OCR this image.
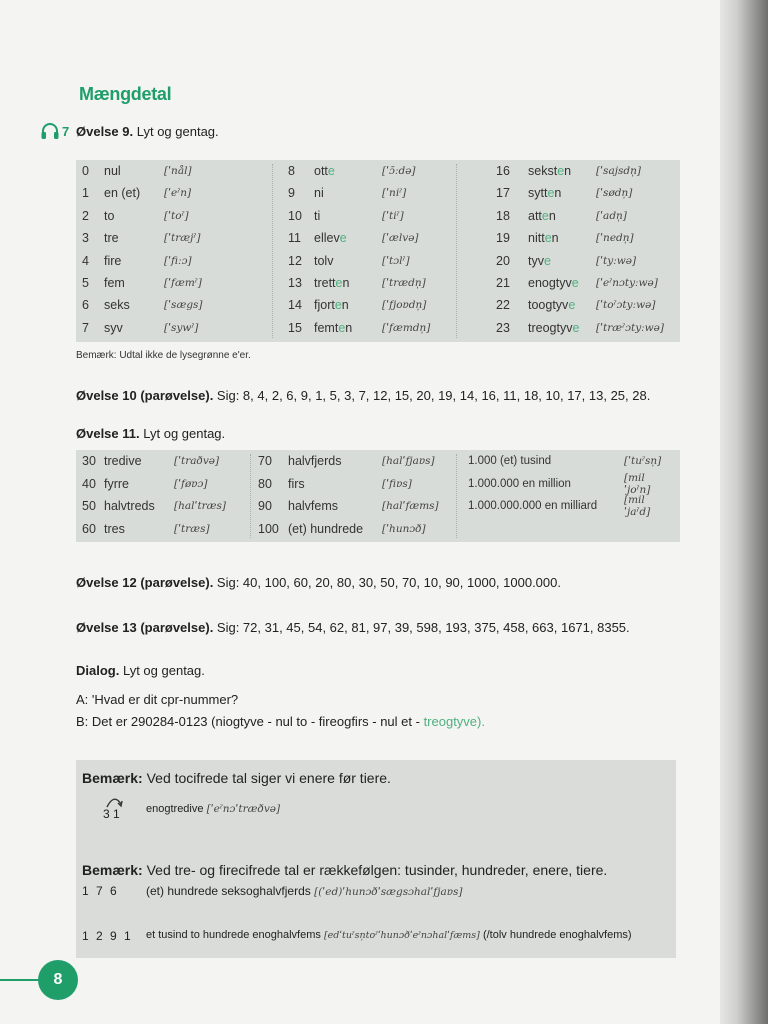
Mængdetal
7 Øvelse 9. Lyt og gentag.
0	nul	[ˈnål]
1	en (et) [ˈeˀn]
2	to	[ˈtoˀ]
3	tre	[ˈtræjˀ]
4	fire	[ˈfiːɔ]
5	fem	[ˈfæmˀ]
6	seks	[ˈsægs]
7	syv	[ˈsywˀ]
8	otte	[ˈɔ̄ːdə]
9	ni	[ˈniˀ]
10 ti	[ˈtiˀ]
11	elleve	[ˈælvə]
12 tolv	[ˈtɔlˀ]
13 tretten	[ˈtrædn̩]
14 fjorten	[ˈfjoɐdn̩]
15 femten	[ˈfæmdn̩]
16	seksten [ˈsajsdn̩]
17	sytten	[ˈsødn̩]
18	atten	[ˈadn̩]
19	nitten	[ˈnedn̩]
20	tyve	[ˈtyːwə]
21	enogtyve [ˈeˀnɔtyːwə]
22	toogtyve [ˈtoˀɔtyːwə]
23	treogtyve [ˈtræˀɔtyːwə]
Bemærk: Udtal ikke de lysegrønne e'er.
Øvelse 10 (parøvelse). Sig: 8, 4, 2, 6, 9, 1, 5, 3, 7, 12, 15, 20, 19, 14, 16, 11, 18, 10, 17, 13, 25, 28.
Øvelse 11. Lyt og gentag.
30 tredive	[ˈtraðvə]
40 fyrre	[ˈføɐɔ]
50 halvtreds [halˈtræs]
60 tres	[ˈtræs]
70	halvfjerds	[halˈfjaɐs]
80	firs	[ˈfiɐs]
90	halvfems	[halˈfæms]
100 (et) hundrede [ˈhunɔð]
1.000 (et) tusind	[ˈtuˀsn̩]
1.000.000 en million	[milˈjoˀn]
1.000.000.000 en milliard	[milˈjaˀd]
Øvelse 12 (parøvelse). Sig: 40, 100, 60, 20, 80, 30, 50, 70, 10, 90, 1000, 1000.000.
Øvelse 13 (parøvelse). Sig: 72, 31, 45, 54, 62, 81, 97, 39, 598, 193, 375, 458, 663, 1671, 8355.
Dialog. Lyt og gentag.
A: 'Hvad er dit cpr-nummer?
B: Det er 290284-0123 (niogtyve - nul to - fireogfirs - nul et - treogtyve).
Bemærk: Ved tocifrede tal siger vi enere før tiere.
3 1 enogtredive [ˈeˀnɔˈtræðvə]
Bemærk: Ved tre- og firecifrede tal er rækkefølgen: tusinder, hundreder, enere, tiere.
1 7 6 (et) hundrede seksoghalvfjerds [(ˈed)ˈhunɔðˈsægsɔhalˈfjaɐs]
1 2 9 1 et tusind to hundrede enoghalvfems [edˈtuˀsn̩toˀˈhunɔðˈeˀnɔhalˈfæms] (/tolv hundrede enoghalvfems)
8
